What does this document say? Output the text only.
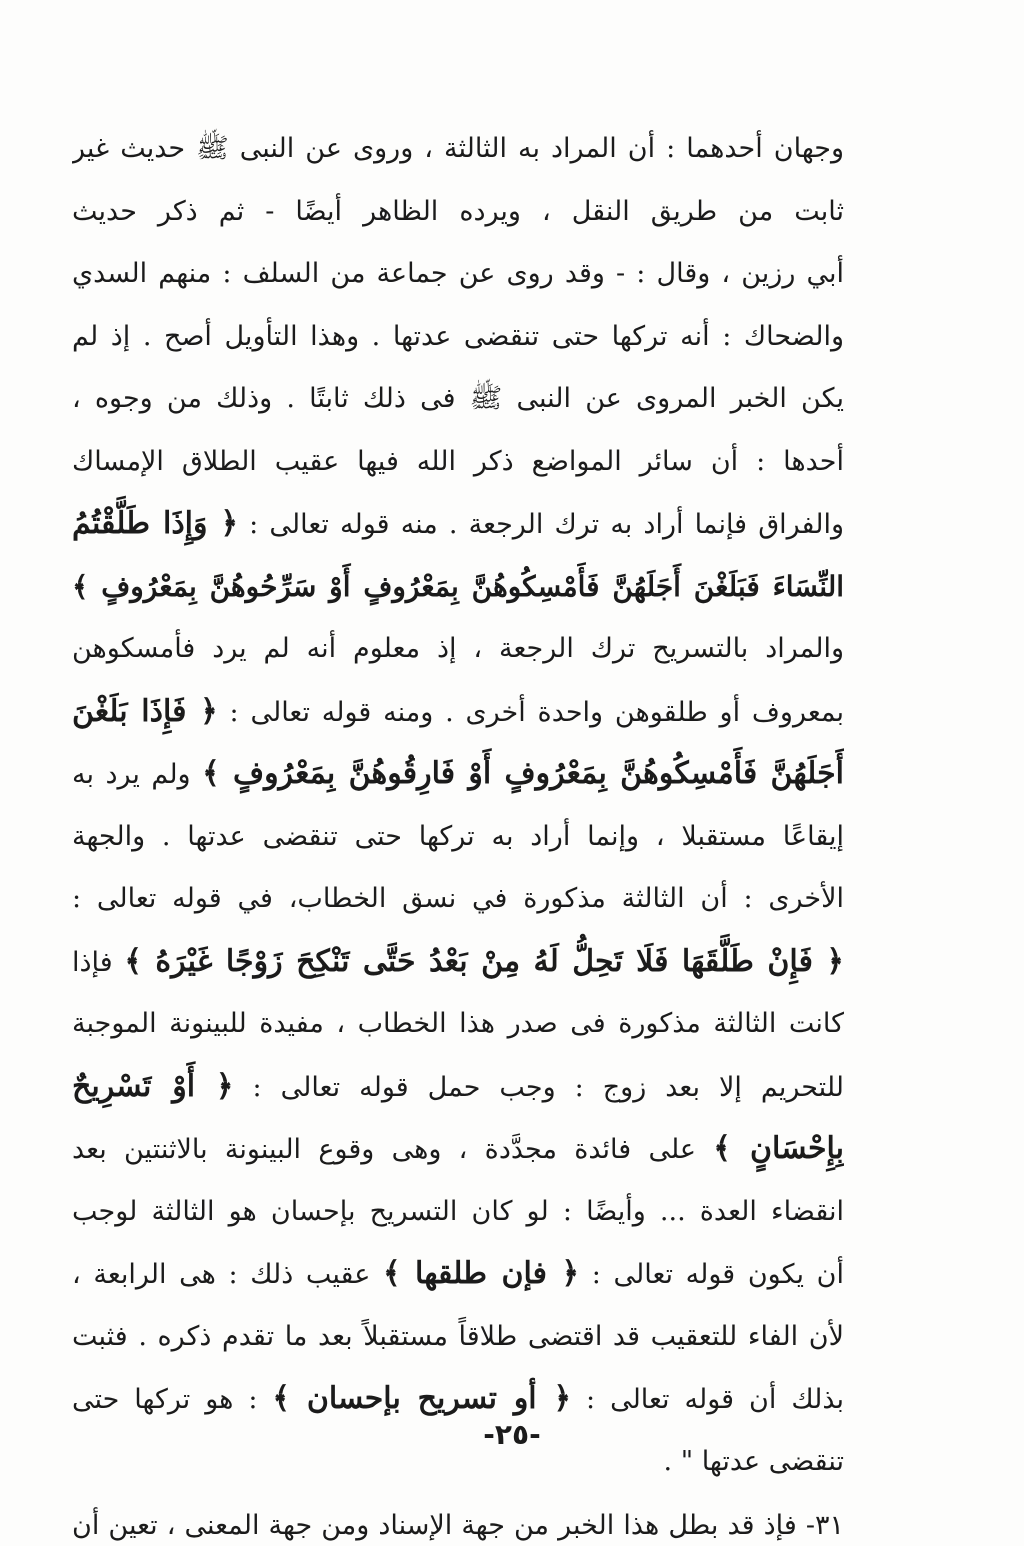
وجهان أحدهما : أن المراد به الثالثة ، وروى عن النبى ﷺ حديث غير
ثابت من طريق النقل ، ويرده الظاهر أيضًا - ثم ذكر حديث
أبي رزين ، وقال : - وقد روى عن جماعة من السلف : منهم السدي
والضحاك : أنه تركها حتى تنقضى عدتها . وهذا التأويل أصح . إذ لم
يكن الخبر المروى عن النبى ﷺ فى ذلك ثابتًا . وذلك من وجوه ،
أحدها : أن سائر المواضع ذكر الله فيها عقيب الطلاق الإمساك
والفراق فإنما أراد به ترك الرجعة . منه قوله تعالى : ﴿ وَإِذَا طَلَّقْتُمُ
النِّسَاءَ فَبَلَغْنَ أَجَلَهُنَّ فَأَمْسِكُوهُنَّ بِمَعْرُوفٍ أَوْ سَرِّحُوهُنَّ بِمَعْرُوفٍ ﴾
والمراد بالتسريح ترك الرجعة ، إذ معلوم أنه لم يرد فأمسكوهن
بمعروف أو طلقوهن واحدة أخرى . ومنه قوله تعالى : ﴿ فَإِذَا بَلَغْنَ
أَجَلَهُنَّ فَأَمْسِكُوهُنَّ بِمَعْرُوفٍ أَوْ فَارِقُوهُنَّ بِمَعْرُوفٍ ﴾ ولم يرد به
إيقاعًا مستقبلا ، وإنما أراد به تركها حتى تنقضى عدتها . والجهة
الأخرى : أن الثالثة مذكورة في نسق الخطاب، في قوله تعالى :
﴿ فَإِنْ طَلَّقَهَا فَلَا تَحِلُّ لَهُ مِنْ بَعْدُ حَتَّى تَنْكِحَ زَوْجًا غَيْرَهُ ﴾ فإذا
كانت الثالثة مذكورة فى صدر هذا الخطاب ، مفيدة للبينونة الموجبة
للتحريم إلا بعد زوج : وجب حمل قوله تعالى : ﴿ أَوْ تَسْرِيحٌ
بِإِحْسَانٍ ﴾ على فائدة مجدَّدة ، وهى وقوع البينونة بالاثنتين بعد
انقضاء العدة ... وأيضًا : لو كان التسريح بإحسان هو الثالثة لوجب
أن يكون قوله تعالى : ﴿ فإن طلقها ﴾ عقيب ذلك : هى الرابعة ،
لأن الفاء للتعقيب قد اقتضى طلاقاً مستقبلاً بعد ما تقدم ذكره . فثبت
بذلك أن قوله تعالى : ﴿ أو تسريح بإحسان ﴾ : هو تركها حتى
تنقضى عدتها " .
٣١- فإذ قد بطل هذا الخبر من جهة الإسناد ومن جهة المعنى ، تعين أن
-٢٥-
